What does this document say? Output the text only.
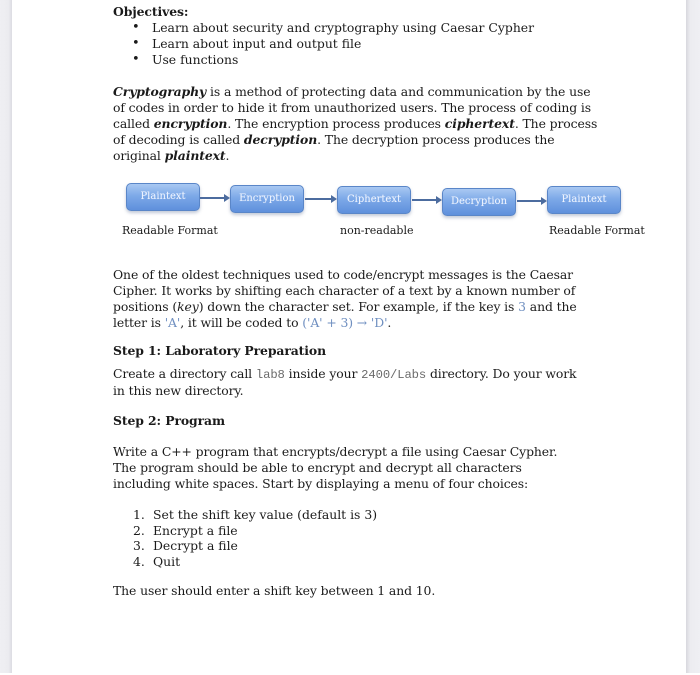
Objectives:
• Learn about security and cryptography using Caesar Cypher
• Learn about input and output file
• Use functions
Cryptography is a method of protecting data and communication by the use of codes in order to hide it from unauthorized users. The process of coding is called encryption. The encryption process produces ciphertext. The process of decoding is called decryption. The decryption process produces the original plaintext.
Plaintext	Encryption	Ciphertext	Decryption	Plaintext
Readable Format	non-readable	Readable Format
One of the oldest techniques used to code/encrypt messages is the Caesar Cipher. It works by shifting each character of a text by a known number of positions (key) down the character set. For example, if the key is 3 and the letter is 'A', it will be coded to ('A' + 3) → 'D'.
Step 1: Laboratory Preparation
Create a directory call lab8 inside your 2400/Labs directory. Do your work in this new directory.
Step 2: Program
Write a C++ program that encrypts/decrypt a file using Caesar Cypher. The program should be able to encrypt and decrypt all characters including white spaces. Start by displaying a menu of four choices:
1. Set the shift key value (default is 3)
2. Encrypt a file
3. Decrypt a file
4. Quit
The user should enter a shift key between 1 and 10.
